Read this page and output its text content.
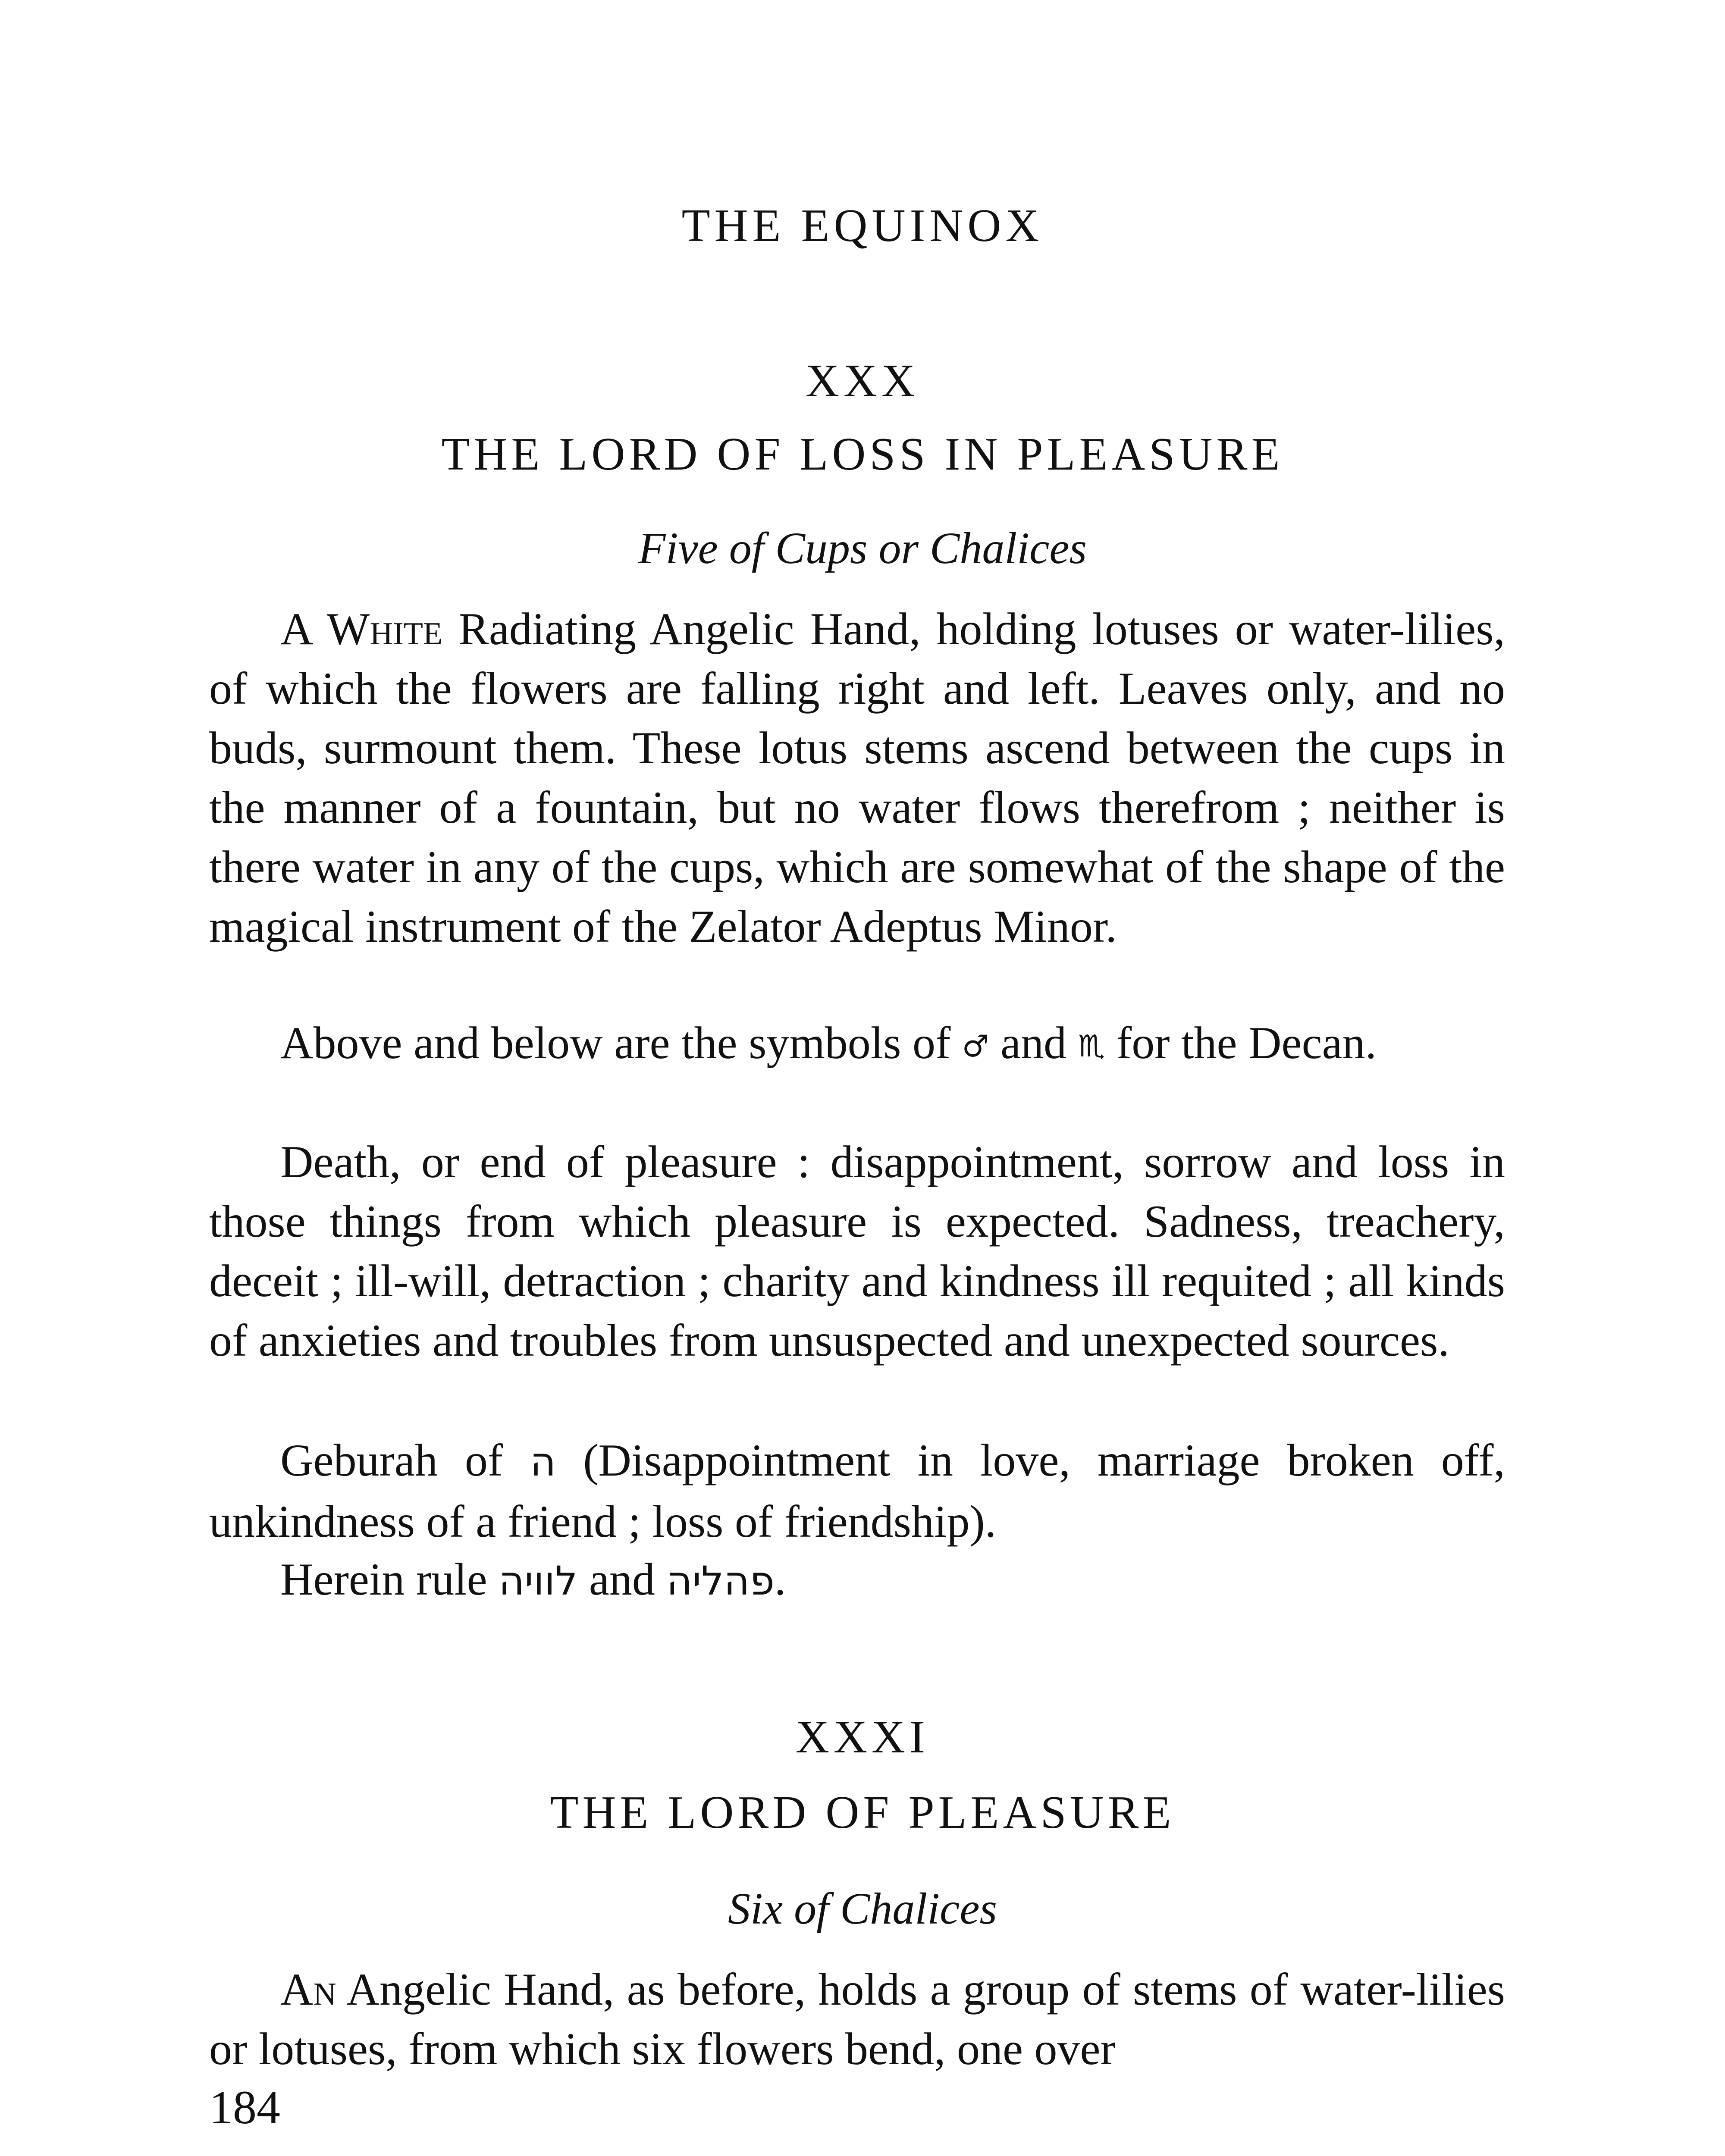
THE EQUINOX
XXX
THE LORD OF LOSS IN PLEASURE
Five of Cups or Chalices

A White Radiating Angelic Hand, holding lotuses or water-lilies, of which the flowers are falling right and left. Leaves only, and no buds, surmount them. These lotus stems ascend between the cups in the manner of a fountain, but no water flows therefrom ; neither is there water in any of the cups, which are somewhat of the shape of the magical instrument of the Zelator Adeptus Minor.

Above and below are the symbols of ♂ and ♏ for the Decan.

Death, or end of pleasure : disappointment, sorrow and loss in those things from which pleasure is expected. Sadness, treachery, deceit ; ill-will, detraction ; charity and kindness ill requited ; all kinds of anxieties and troubles from unsuspected and unexpected sources.

Geburah of ה (Disappointment in love, marriage broken off, unkindness of a friend ; loss of friendship).

Herein rule לוויה and פהליה.

XXXI
THE LORD OF PLEASURE
Six of Chalices

An Angelic Hand, as before, holds a group of stems of water-lilies or lotuses, from which six flowers bend, one over

184
